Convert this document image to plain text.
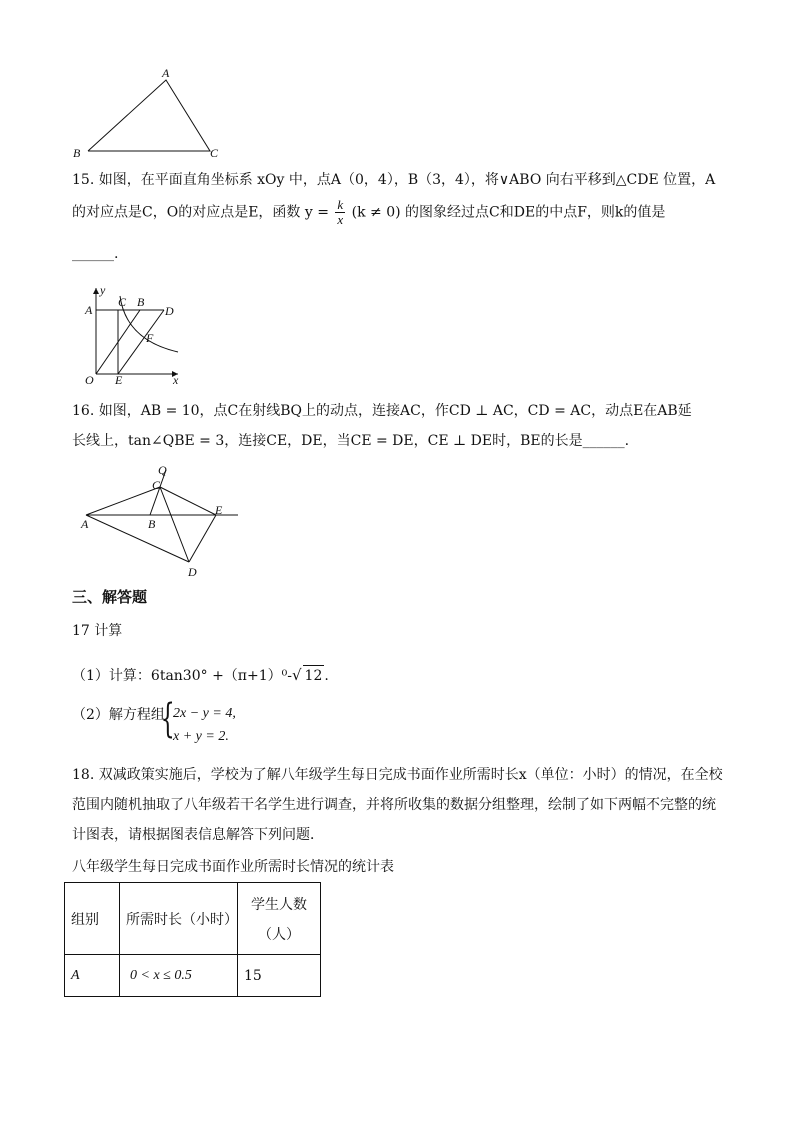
A
B	C
15. 如图，在平面直角坐标系 xOy 中，点A（0，4），B（3，4），将∨ABO 向右平移到△CDE 位置，A
的对应点是C，O的对应点是E，函数 $y = \frac{k}{x} (k \ne 0)$ 的图象经过点C和DE的中点F，则k的值是
______.
y
x
A
C B
D
F
O E
16. 如图，AB = 10，点C在射线BQ上的动点，连接AC，作CD ⊥ AC，CD = AC，动点E在AB延
长线上，tan∠QBE = 3，连接CE，DE，当CE = DE，CE ⊥ DE时，BE的长是______.
Q
C
A	B
E
D
三、解答题
17 计算
（1）计算：6tan30° +（π+1）⁰-√ 12 .
（2）解方程组
{
2x − y = 4,
x + y = 2.
18. 双减政策实施后，学校为了解八年级学生每日完成书面作业所需时长x（单位：小时）的情况，在全校
范围内随机抽取了八年级若干名学生进行调查，并将所收集的数据分组整理，绘制了如下两幅不完整的统
计图表，请根据图表信息解答下列问题．
八年级学生每日完成书面作业所需时长情况的统计表
组别	所需时长（小时）	学生人数
（人）

A	0 < x ≤ 0.5	15
